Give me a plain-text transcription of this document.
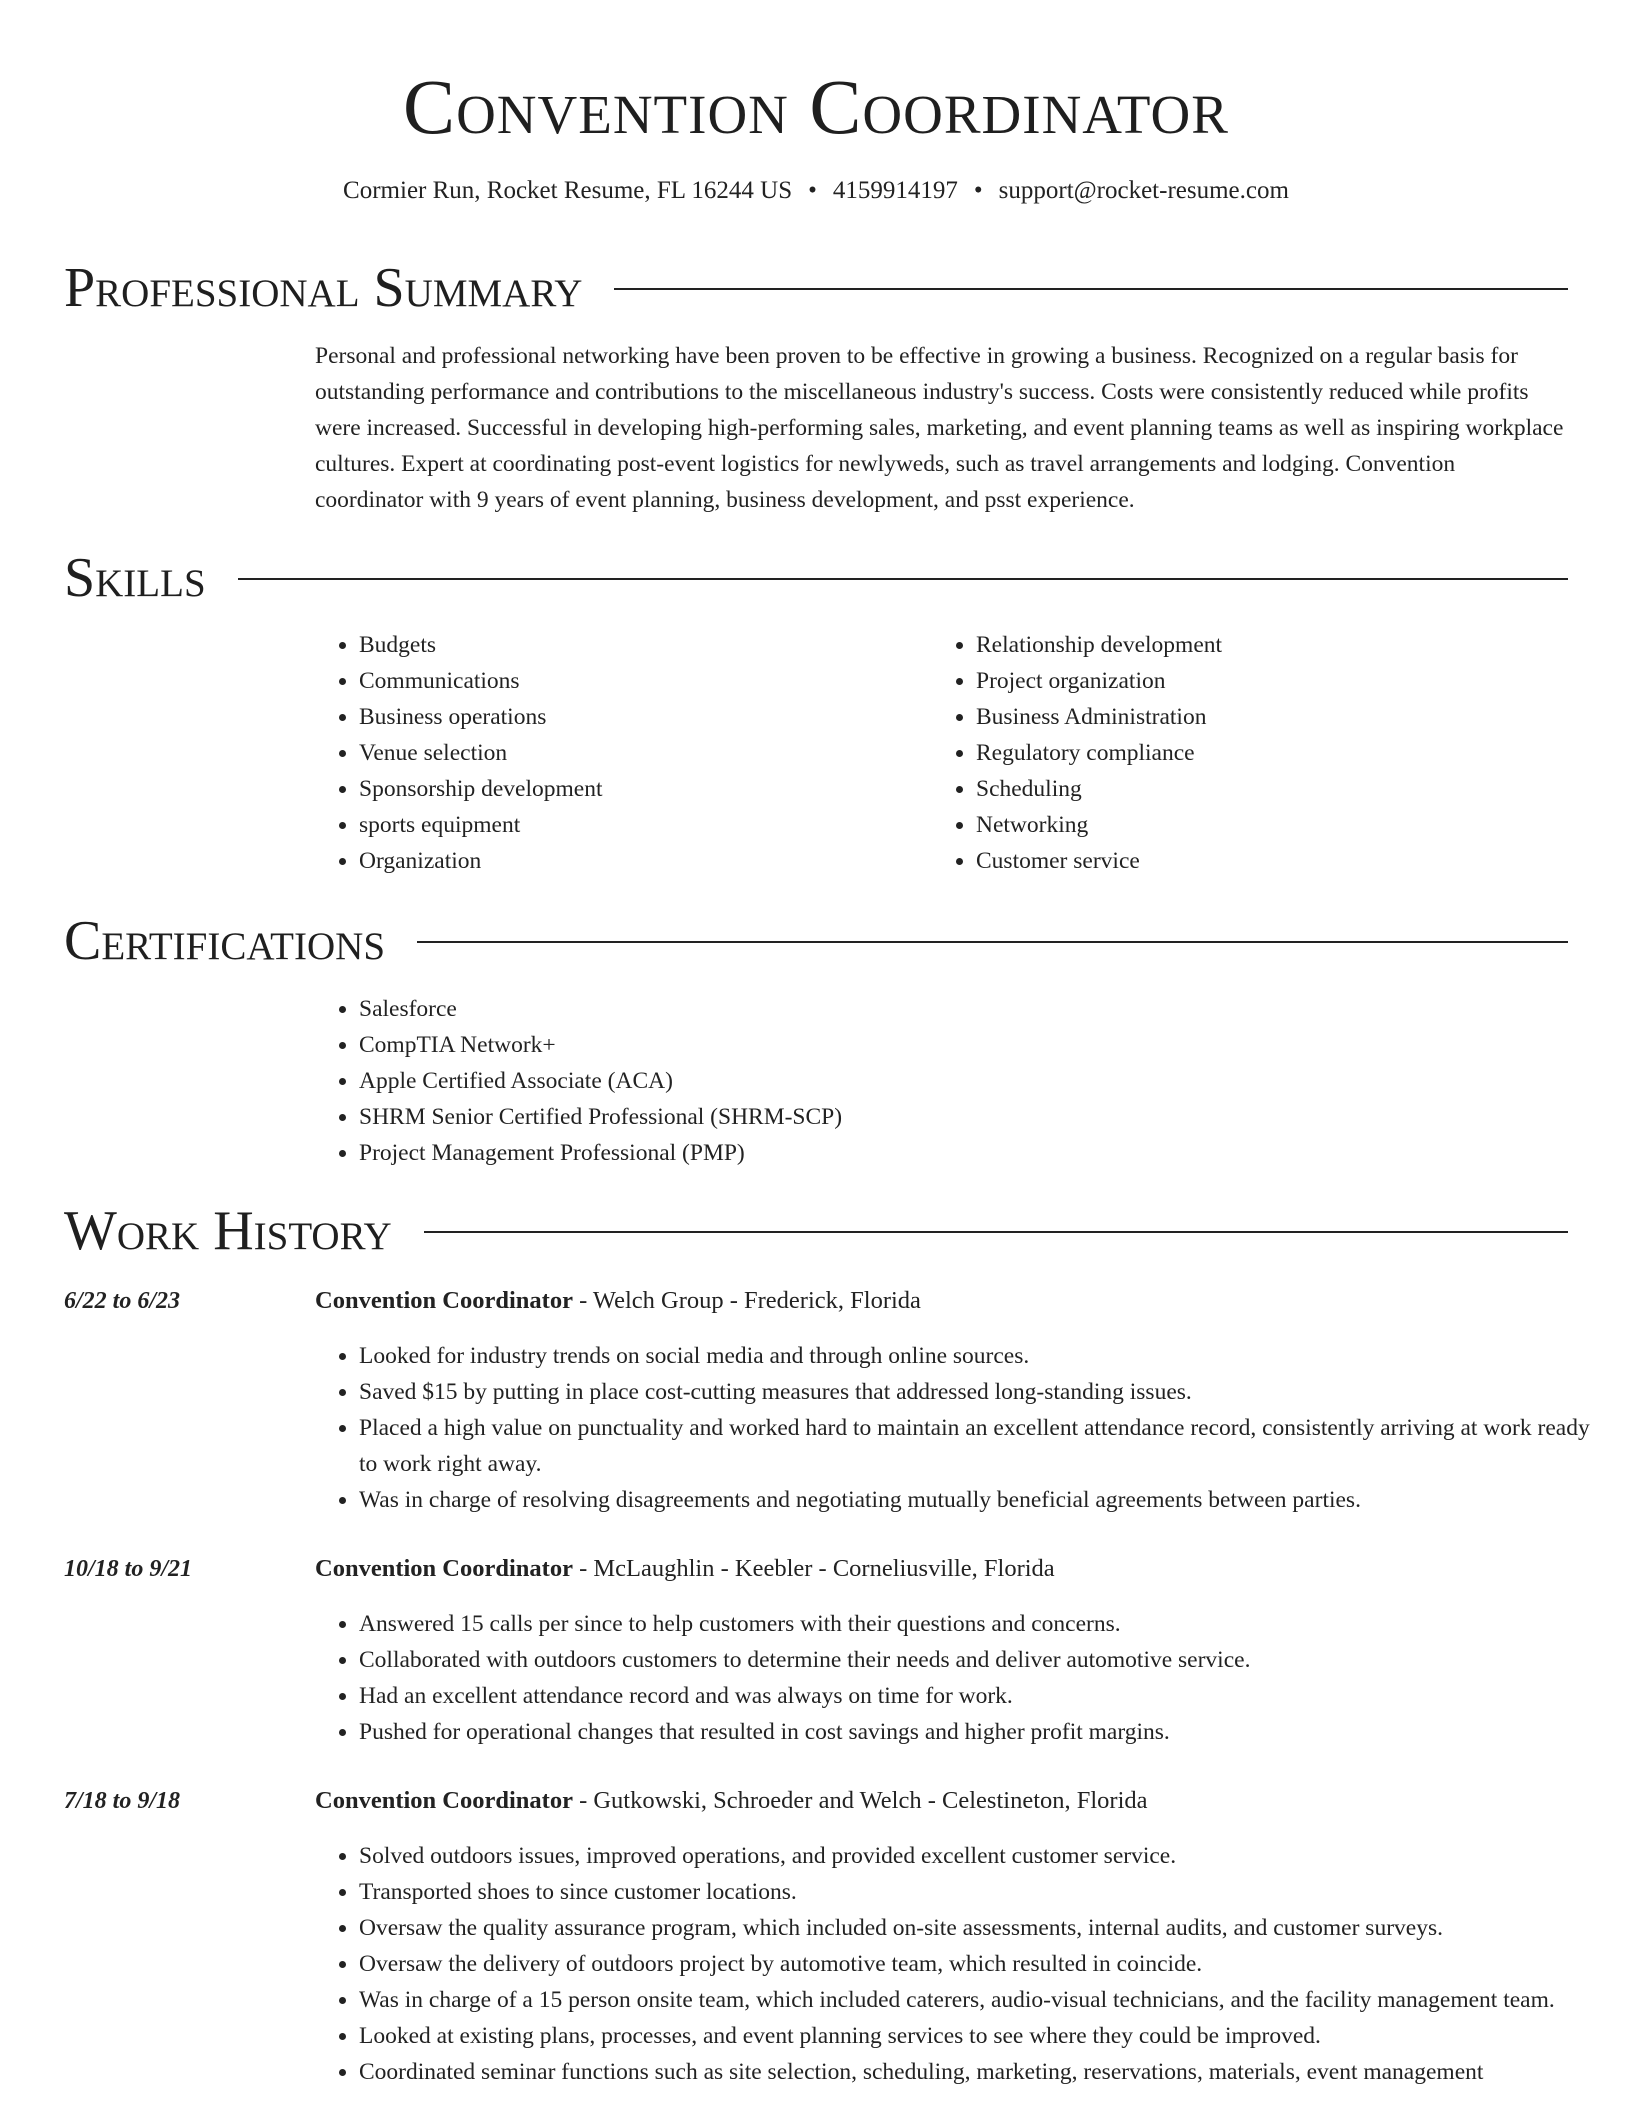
Convention Coordinator
Cormier Run, Rocket Resume, FL 16244 US • 4159914197 • support@rocket-resume.com
Professional Summary

Personal and professional networking have been proven to be effective in growing a business. Recognized on a regular basis for outstanding performance and contributions to the miscellaneous industry's success. Costs were consistently reduced while profits were increased. Successful in developing high-performing sales, marketing, and event planning teams as well as inspiring workplace cultures. Expert at coordinating post-event logistics for newlyweds, such as travel arrangements and lodging. Convention coordinator with 9 years of event planning, business development, and psst experience.

Skills
• Budgets
• Communications
• Business operations
• Venue selection
• Sponsorship development
• sports equipment
• Organization
• Relationship development
• Project organization
• Business Administration
• Regulatory compliance
• Scheduling
• Networking
• Customer service
Certifications
• Salesforce
• CompTIA Network+
• Apple Certified Associate (ACA)
• SHRM Senior Certified Professional (SHRM-SCP)
• Project Management Professional (PMP)
Work History
6/22 to 6/23	Convention Coordinator - Welch Group - Frederick, Florida
• Looked for industry trends on social media and through online sources.
• Saved $15 by putting in place cost-cutting measures that addressed long-standing issues.
• Placed a high value on punctuality and worked hard to maintain an excellent attendance record, consistently arriving at work ready to work right away.
• Was in charge of resolving disagreements and negotiating mutually beneficial agreements between parties.
10/18 to 9/21	Convention Coordinator - McLaughlin - Keebler - Corneliusville, Florida
• Answered 15 calls per since to help customers with their questions and concerns.
• Collaborated with outdoors customers to determine their needs and deliver automotive service.
• Had an excellent attendance record and was always on time for work.
• Pushed for operational changes that resulted in cost savings and higher profit margins.
7/18 to 9/18	Convention Coordinator - Gutkowski, Schroeder and Welch - Celestineton, Florida
• Solved outdoors issues, improved operations, and provided excellent customer service.
• Transported shoes to since customer locations.
• Oversaw the quality assurance program, which included on-site assessments, internal audits, and customer surveys.
• Oversaw the delivery of outdoors project by automotive team, which resulted in coincide.
• Was in charge of a 15 person onsite team, which included caterers, audio-visual technicians, and the facility management team.
• Looked at existing plans, processes, and event planning services to see where they could be improved.
• Coordinated seminar functions such as site selection, scheduling, marketing, reservations, materials, event management
